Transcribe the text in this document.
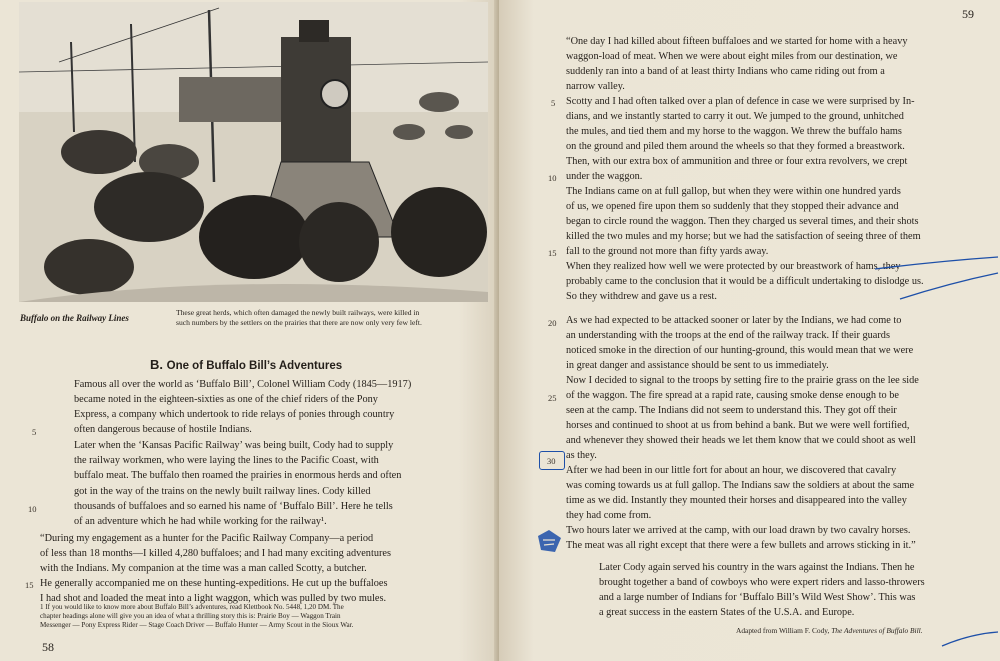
Buffalo on the Railway Lines
These great herds, which often damaged the newly built railways, were killed in
such numbers by the settlers on the prairies that there are now only very few left.
B. One of Buffalo Bill’s Adventures
Famous all over the world as ‘Buffalo Bill’, Colonel William Cody (1845—1917)
became noted in the eighteen-sixties as one of the chief riders of the Pony
Express, a company which undertook to ride relays of ponies through country
often dangerous because of hostile Indians.
Later when the ‘Kansas Pacific Railway’ was being built, Cody had to supply
the railway workmen, who were laying the lines to the Pacific Coast, with
buffalo meat. The buffalo then roamed the prairies in enormous herds and often
got in the way of the trains on the newly built railway lines. Cody killed
thousands of buffaloes and so earned his name of ‘Buffalo Bill’. Here he tells
of an adventure which he had while working for the railway¹.
“During my engagement as a hunter for the Pacific Railway Company—a period
of less than 18 months—I killed 4,280 buffaloes; and I had many exciting adventures
with the Indians. My companion at the time was a man called Scotty, a butcher.
He generally accompanied me on these hunting-expeditions. He cut up the buffaloes
I had shot and loaded the meat into a light waggon, which was pulled by two mules.
5
10
15
1 If you would like to know more about Buffalo Bill’s adventures, read Klettbook No. 5448, 1,20 DM. The
chapter headings alone will give you an idea of what a thrilling story this is: Prairie Boy — Waggon Train
Messenger — Pony Express Rider — Stage Coach Driver — Buffalo Hunter — Army Scout in the Sioux War.
58
59
“One day I had killed about fifteen buffaloes and we started for home with a heavy
waggon-load of meat. When we were about eight miles from our destination, we
suddenly ran into a band of at least thirty Indians who came riding out from a
narrow valley.
Scotty and I had often talked over a plan of defence in case we were surprised by In-
dians, and we instantly started to carry it out. We jumped to the ground, unhitched
the mules, and tied them and my horse to the waggon. We threw the buffalo hams
on the ground and piled them around the wheels so that they formed a breastwork.
Then, with our extra box of ammunition and three or four extra revolvers, we crept
under the waggon.
The Indians came on at full gallop, but when they were within one hundred yards
of us, we opened fire upon them so suddenly that they stopped their advance and
began to circle round the waggon. Then they charged us several times, and their shots
killed the two mules and my horse; but we had the satisfaction of seeing three of them
fall to the ground not more than fifty yards away.
When they realized how well we were protected by our breastwork of hams, they
probably came to the conclusion that it would be a difficult undertaking to dislodge us.
So they withdrew and gave us a rest.
As we had expected to be attacked sooner or later by the Indians, we had come to
an understanding with the troops at the end of the railway track. If their guards
noticed smoke in the direction of our hunting-ground, this would mean that we were
in great danger and assistance should be sent to us immediately.
Now I decided to signal to the troops by setting fire to the prairie grass on the lee side
of the waggon. The fire spread at a rapid rate, causing smoke dense enough to be
seen at the camp. The Indians did not seem to understand this. They got off their
horses and continued to shoot at us from behind a bank. But we were well fortified,
and whenever they showed their heads we let them know that we could shoot as well
as they.
After we had been in our little fort for about an hour, we discovered that cavalry
was coming towards us at full gallop. The Indians saw the soldiers at about the same
time as we did. Instantly they mounted their horses and disappeared into the valley
they had come from.
Two hours later we arrived at the camp, with our load drawn by two cavalry horses.
The meat was all right except that there were a few bullets and arrows sticking in it.”
Later Cody again served his country in the wars against the Indians. Then he
brought together a band of cowboys who were expert riders and lasso-throwers
and a large number of Indians for ‘Buffalo Bill’s Wild West Show’. This was
a great success in the eastern States of the U.S.A. and Europe.
5
10
15
20
25
30
Adapted from William F. Cody, The Adventures of Buffalo Bill.
